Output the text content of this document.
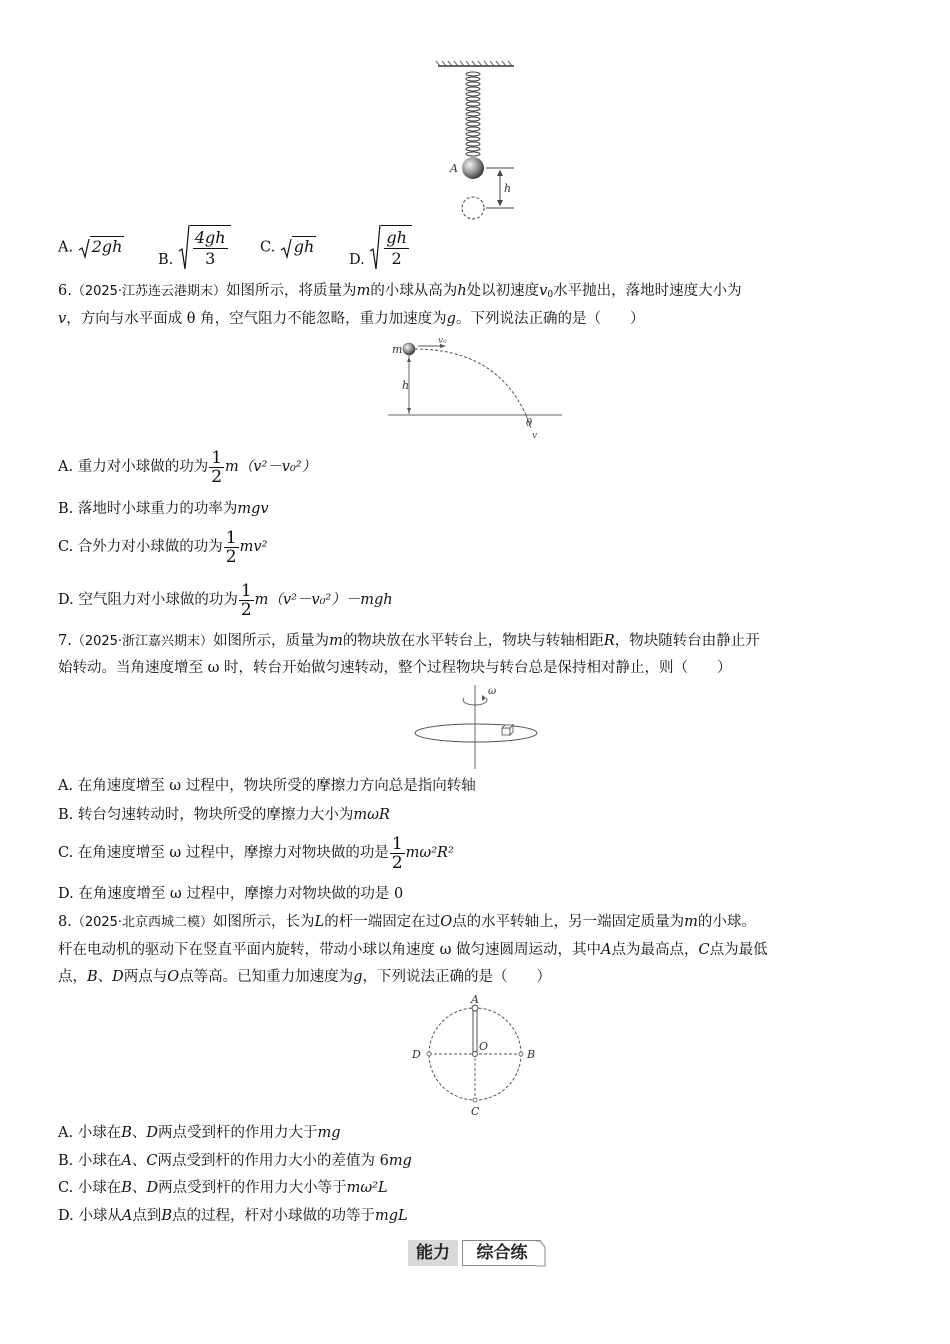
A
h
A. 2gh
B. $\frac{4gh}{3} C$. gh
D. $\frac{gh}{2}$
6.（2025·江苏连云港期末）如图所示，将质量为m的小球从高为h处以初速度$v_0$水平抛出，落地时速度大小为
v，方向与水平面成 θ 角，空气阻力不能忽略，重力加速度为g。下列说法正确的是（　　）
m
v₀
h
θ
v
A. 重力对小球做的功为 $\frac{1}{2} m(v^2-v_0^2)$
B. 落地时小球重力的功率为mgv
C. 合外力对小球做的功为 $\frac{1}{2} mv^2$
D. 空气阻力对小球做的功为 $\frac{1}{2} m(v^2-v_0^2)-mgh$
7.（2025·浙江嘉兴期末）如图所示，质量为m的物块放在水平转台上，物块与转轴相距R，物块随转台由静止开
始转动。当角速度增至 ω 时，转台开始做匀速转动，整个过程物块与转台总是保持相对静止，则（　　）
ω
A. 在角速度增至 ω 过程中，物块所受的摩擦力方向总是指向转轴
B. 转台匀速转动时，物块所受的摩擦力大小为mωR
C. 在角速度增至 ω 过程中，摩擦力对物块做的功是 $\frac{1}{2} m\omega^2R^2$
D. 在角速度增至 ω 过程中，摩擦力对物块做的功是 0
8.（2025·北京西城二模）如图所示，长为L的杆一端固定在过O点的水平转轴上，另一端固定质量为m的小球。
杆在电动机的驱动下在竖直平面内旋转，带动小球以角速度 ω 做匀速圆周运动，其中A点为最高点，C点为最低
点，B、D两点与O点等高。已知重力加速度为g，下列说法正确的是（　　）
A
O
D	B
C
A. 小球在B、D两点受到杆的作用力大于mg
B. 小球在A、C两点受到杆的作用力大小的差值为 6mg
C. 小球在B、D两点受到杆的作用力大小等于mω²L
D. 小球从A点到B点的过程，杆对小球做的功等于mgL
能力	综合练
